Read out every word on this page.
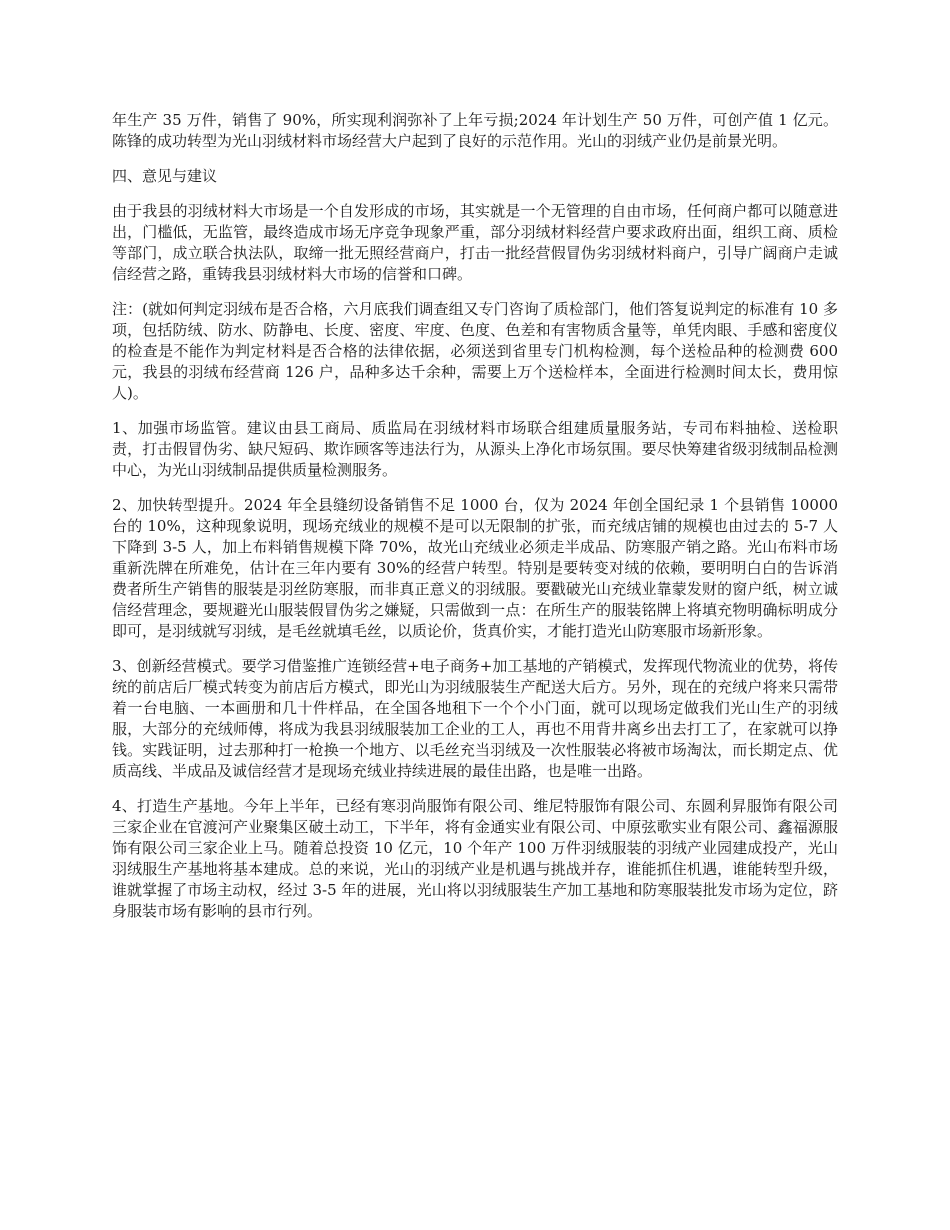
年生产 35 万件，销售了 90%，所实现利润弥补了上年亏损;2024 年计划生产 50 万件，可创产值 1 亿元。陈锋的成功转型为光山羽绒材料市场经营大户起到了良好的示范作用。光山的羽绒产业仍是前景光明。

四、意见与建议

由于我县的羽绒材料大市场是一个自发形成的市场，其实就是一个无管理的自由市场，任何商户都可以随意进出，门槛低，无监管，最终造成市场无序竞争现象严重，部分羽绒材料经营户要求政府出面，组织工商、质检等部门，成立联合执法队，取缔一批无照经营商户，打击一批经营假冒伪劣羽绒材料商户，引导广阔商户走诚信经营之路，重铸我县羽绒材料大市场的信誉和口碑。

注：(就如何判定羽绒布是否合格，六月底我们调查组又专门咨询了质检部门，他们答复说判定的标准有 10 多项，包括防绒、防水、防静电、长度、密度、牢度、色度、色差和有害物质含量等，单凭肉眼、手感和密度仪的检查是不能作为判定材料是否合格的法律依据，必须送到省里专门机构检测，每个送检品种的检测费 600 元，我县的羽绒布经营商 126 户，品种多达千余种，需要上万个送检样本，全面进行检测时间太长，费用惊人)。

1、加强市场监管。建议由县工商局、质监局在羽绒材料市场联合组建质量服务站，专司布料抽检、送检职责，打击假冒伪劣、缺尺短码、欺诈顾客等违法行为，从源头上净化市场氛围。要尽快筹建省级羽绒制品检测中心，为光山羽绒制品提供质量检测服务。

2、加快转型提升。2024 年全县缝纫设备销售不足 1000 台，仅为 2024 年创全国纪录 1 个县销售 10000 台的 10%，这种现象说明，现场充绒业的规模不是可以无限制的扩张，而充绒店铺的规模也由过去的 5-7 人下降到 3-5 人，加上布料销售规模下降 70%，故光山充绒业必须走半成品、防寒服产销之路。光山布料市场重新洗牌在所难免，估计在三年内要有 30%的经营户转型。特别是要转变对绒的依赖，要明明白白的告诉消费者所生产销售的服装是羽丝防寒服，而非真正意义的羽绒服。要戳破光山充绒业靠蒙发财的窗户纸，树立诚信经营理念，要规避光山服装假冒伪劣之嫌疑，只需做到一点：在所生产的服装铭牌上将填充物明确标明成分即可，是羽绒就写羽绒，是毛丝就填毛丝，以质论价，货真价实，才能打造光山防寒服市场新形象。

3、创新经营模式。要学习借鉴推广连锁经营+电子商务+加工基地的产销模式，发挥现代物流业的优势，将传统的前店后厂模式转变为前店后方模式，即光山为羽绒服装生产配送大后方。另外，现在的充绒户将来只需带着一台电脑、一本画册和几十件样品，在全国各地租下一个个小门面，就可以现场定做我们光山生产的羽绒服，大部分的充绒师傅，将成为我县羽绒服装加工企业的工人，再也不用背井离乡出去打工了，在家就可以挣钱。实践证明，过去那种打一枪换一个地方、以毛丝充当羽绒及一次性服装必将被市场淘汰，而长期定点、优质高线、半成品及诚信经营才是现场充绒业持续进展的最佳出路，也是唯一出路。

4、打造生产基地。今年上半年，已经有寒羽尚服饰有限公司、维尼特服饰有限公司、东圆利昇服饰有限公司三家企业在官渡河产业聚集区破土动工，下半年，将有金通实业有限公司、中原弦歌实业有限公司、鑫福源服饰有限公司三家企业上马。随着总投资 10 亿元，10 个年产 100 万件羽绒服装的羽绒产业园建成投产，光山羽绒服生产基地将基本建成。总的来说，光山的羽绒产业是机遇与挑战并存，谁能抓住机遇，谁能转型升级，谁就掌握了市场主动权，经过 3-5 年的进展，光山将以羽绒服装生产加工基地和防寒服装批发市场为定位，跻身服装市场有影响的县市行列。
